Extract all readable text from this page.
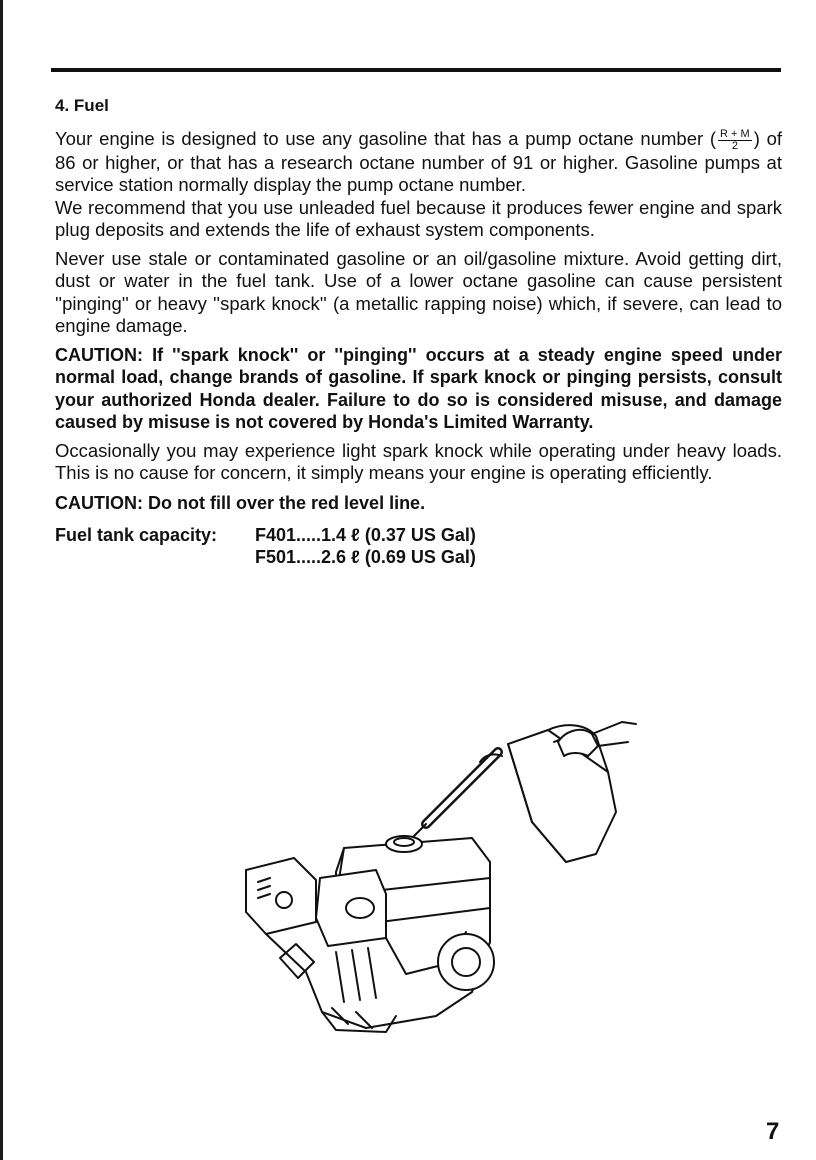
4. Fuel

Your engine is designed to use any gasoline that has a pump octane number ( $\frac{R + M}{2}$ ) of 86 or higher, or that has a research octane number of 91 or higher. Gasoline pumps at service station normally display the pump octane number.

We recommend that you use unleaded fuel because it produces fewer engine and spark plug deposits and extends the life of exhaust system components.

Never use stale or contaminated gasoline or an oil/gasoline mixture. Avoid getting dirt, dust or water in the fuel tank. Use of a lower octane gasoline can cause persistent ''pinging'' or heavy ''spark knock'' (a metallic rapping noise) which, if severe, can lead to engine damage.

CAUTION: If ''spark knock'' or ''pinging'' occurs at a steady engine speed under normal load, change brands of gasoline. If spark knock or pinging persists, consult your authorized Honda dealer. Failure to do so is considered misuse, and damage caused by misuse is not covered by Honda's Limited Warranty.

Occasionally you may experience light spark knock while operating under heavy loads. This is no cause for concern, it simply means your engine is operating efficiently.

CAUTION: Do not fill over the red level line.

Fuel tank capacity:	F401.....1.4 ℓ (0.37 US Gal)
F501.....2.6 ℓ (0.69 US Gal)
7
